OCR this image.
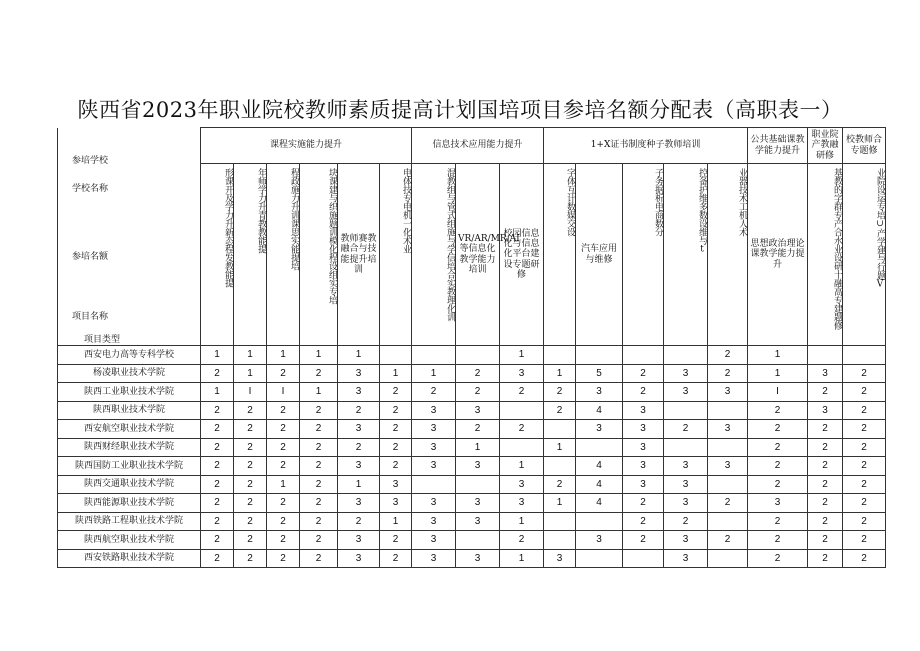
陕西省2023年职业院校教师素质提高计划国培项目参培名额分配表（高职表一）
参培学校
学校名称
参培名额
项目名称
项目类型	课程实施能力提升						信息技术应用能力提升			1+X证书制度种子教师培训					公共基础课教学能力提升	职业院产教融研修	校教师合专题修
	形课开及学力升新态程发教能提	年师学力升青教教能提	程政施力升训课思实能提培	块课建与织施题训模化程设组实专培	教师赛教融合与技能提升培训	电体技专电机一化术业	混教组与管式组施与学信培合实教理化训	VR/AR/MR/AI等信息化教学能力培训	校园信息化与信息化平台建设专题研修	字体互计数媒交设	汽车应用与维修	子务据析电商数分	控备护维多数设维与t	业器技术工机人术	思想政治理论课教学能力提升	基教的字群专产合水业设研十融高专建题修	业院设运专培∪产学建与行题V
西安电力高等专科学校	1	1	1	1	1				1					2	1		
杨凌职业技术学院	2	1	2	2	3	1	1	2	3	1	5	2	3	2	1	3	2
陕西工业职业技术学院	1	I	I	1	3	2	2	2	2	2	3	2	3	3	I	2	2
陕西职业技术学院	2	2	2	2	2	2	3	3		2	4	3			2	3	2
西安航空职业技术学院	2	2	2	2	3	2	3	2	2		3	3	2	3	2	2	2
陕西财经职业技术学院	2	2	2	2	2	2	3	1		1		3			2	2	2
陕西国防工业职业技术学院	2	2	2	2	3	2	3	3	1		4	3	3	3	2	2	2
陕西交通职业技术学院	2	2	1	2	1	3			3	2	4	3	3		2	2	2
陕西能源职业技术学院	2	2	2	2	3	3	3	3	3	1	4	2	3	2	3	2	2
陕西铁路工程职业技术学院	2	2	2	2	2	1	3	3	1			2	2		2	2	2
陕西航空职业技术学院	2	2	2	2	3	2	3		2		3	2	3	2	2	2	2
西安铁路职业技术学院	2	2	2	2	3	2	3	3	1	3			3		2	2	2
